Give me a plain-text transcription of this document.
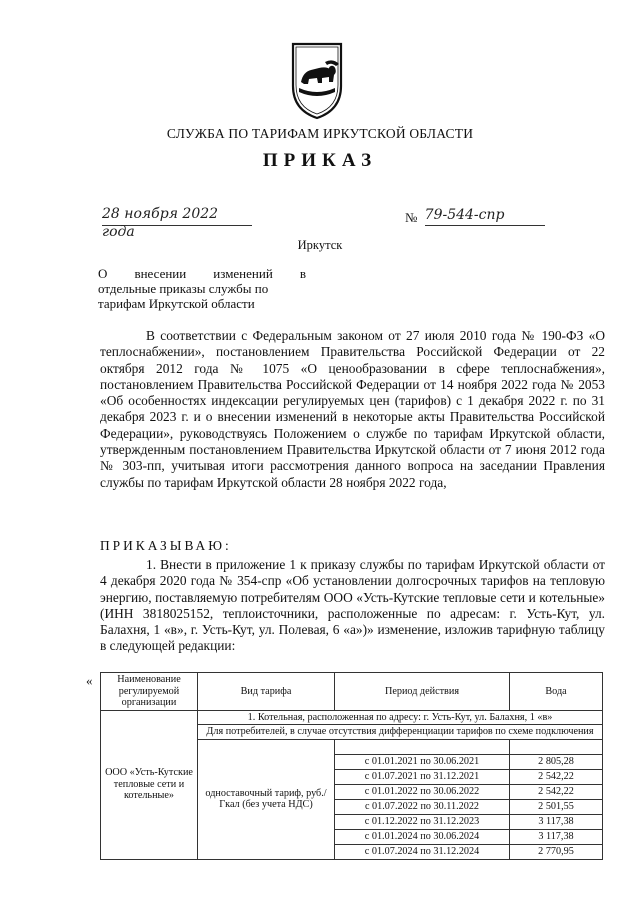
СЛУЖБА ПО ТАРИФАМ ИРКУТСКОЙ ОБЛАСТИ
ПРИКАЗ
28 ноября 2022 года
№ 79-544-спр
Иркутск
О внесении изменений в
отдельные приказы службы по тарифам Иркутской области
В соответствии с Федеральным законом от 27 июля 2010 года № 190-ФЗ «О теплоснабжении», постановлением Правительства Российской Федерации от 22 октября 2012 года № 1075 «О ценообразовании в сфере теплоснабжения», постановлением Правительства Российской Федерации от 14 ноября 2022 года № 2053 «Об особенностях индексации регулируемых цен (тарифов) с 1 декабря 2022 г. по 31 декабря 2023 г. и о внесении изменений в некоторые акты Правительства Российской Федерации», руководствуясь Положением о службе по тарифам Иркутской области, утвержденным постановлением Правительства Иркутской области от 7 июня 2012 года № 303-пп, учитывая итоги рассмотрения данного вопроса на заседании Правления службы по тарифам Иркутской области 28 ноября 2022 года,
ПРИКАЗЫВАЮ:
1. Внести в приложение 1 к приказу службы по тарифам Иркутской области от 4 декабря 2020 года № 354-спр «Об установлении долгосрочных тарифов на тепловую энергию, поставляемую потребителям ООО «Усть-Кутские тепловые сети и котельные» (ИНН 3818025152, теплоисточники, расположенные по адресам: г. Усть-Кут, ул. Балахня, 1 «в», г. Усть-Кут, ул. Полевая, 6 «а»)» изменение, изложив тарифную таблицу в следующей редакции:
« Наименование регулируемой организации	Вид тарифа	Период действия	Вода
ООО «Усть-Кутские тепловые сети и котельные»	1. Котельная, расположенная по адресу: г. Усть-Кут, ул. Балахня, 1 «в»		
	Для потребителей, в случае отсутствия дифференциации тарифов по схеме подключения		
	одноставочный тариф, руб./Гкал (без учета НДС)		
		с 01.01.2021 по 30.06.2021	2 805,28
		с 01.07.2021 по 31.12.2021	2 542,22
		с 01.01.2022 по 30.06.2022	2 542,22
		с 01.07.2022 по 30.11.2022	2 501,55
		с 01.12.2022 по 31.12.2023	3 117,38
		с 01.01.2024 по 30.06.2024	3 117,38
		с 01.07.2024 по 31.12.2024	2 770,95
